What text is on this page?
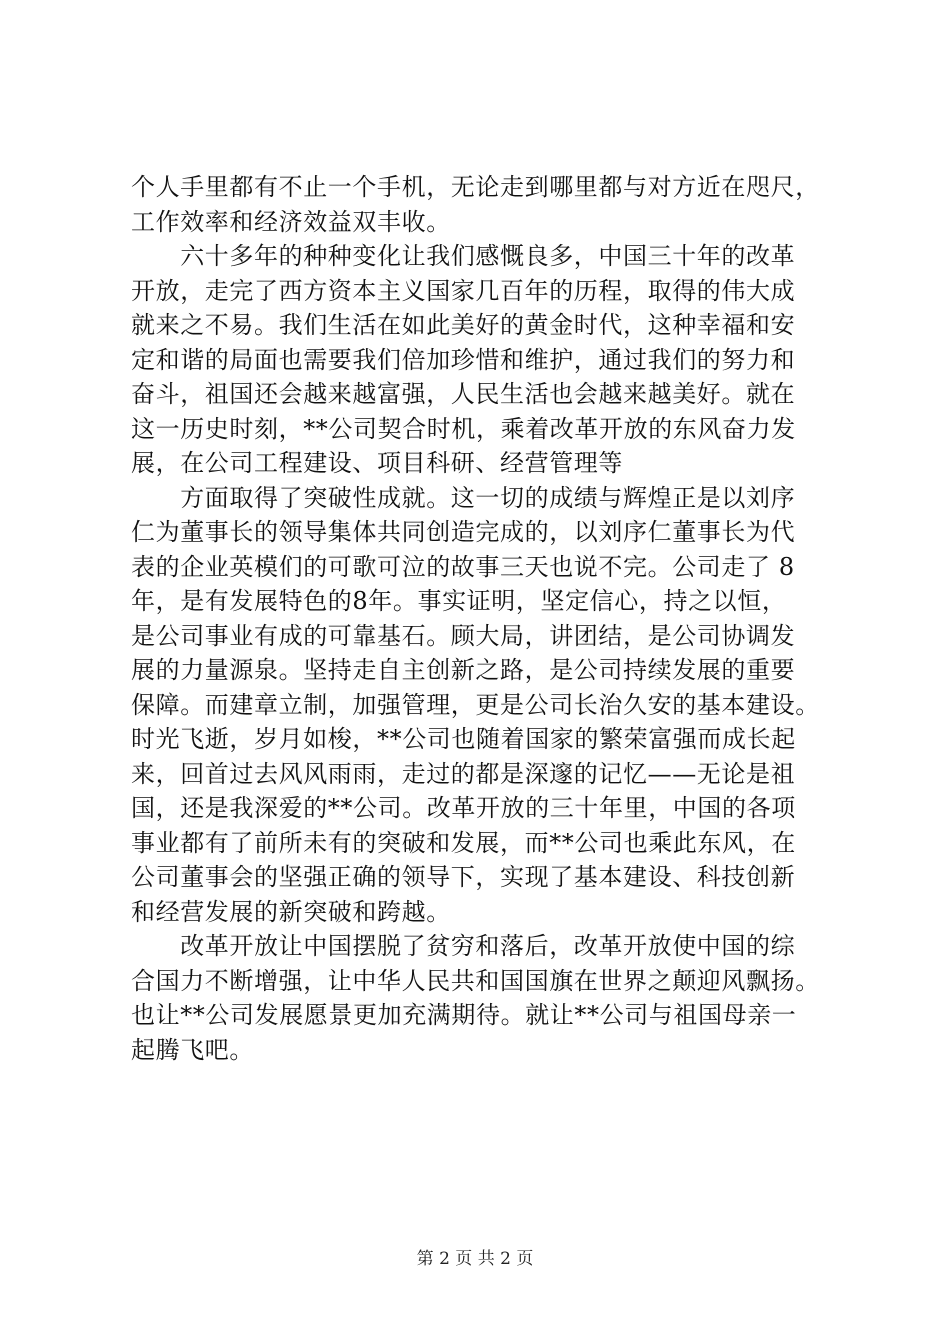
个人手里都有不止一个手机，无论走到哪里都与对方近在咫尺，
工作效率和经济效益双丰收。
　　六十多年的种种变化让我们感慨良多，中国三十年的改革
开放，走完了西方资本主义国家几百年的历程，取得的伟大成
就来之不易。我们生活在如此美好的黄金时代，这种幸福和安
定和谐的局面也需要我们倍加珍惜和维护，通过我们的努力和
奋斗，祖国还会越来越富强，人民生活也会越来越美好。就在
这一历史时刻，**公司契合时机，乘着改革开放的东风奋力发
展，在公司工程建设、项目科研、经营管理等
　　方面取得了突破性成就。这一切的成绩与辉煌正是以刘序
仁为董事长的领导集体共同创造完成的，以刘序仁董事长为代
表的企业英模们的可歌可泣的故事三天也说不完。公司走了 8
年，是有发展特色的8年。事实证明，坚定信心，持之以恒，
是公司事业有成的可靠基石。顾大局，讲团结，是公司协调发
展的力量源泉。坚持走自主创新之路，是公司持续发展的重要
保障。而建章立制，加强管理，更是公司长治久安的基本建设。
时光飞逝，岁月如梭，**公司也随着国家的繁荣富强而成长起
来，回首过去风风雨雨，走过的都是深邃的记忆——无论是祖
国，还是我深爱的**公司。改革开放的三十年里，中国的各项
事业都有了前所未有的突破和发展，而**公司也乘此东风，在
公司董事会的坚强正确的领导下，实现了基本建设、科技创新
和经营发展的新突破和跨越。
　　改革开放让中国摆脱了贫穷和落后，改革开放使中国的综
合国力不断增强，让中华人民共和国国旗在世界之颠迎风飘扬。
也让**公司发展愿景更加充满期待。就让**公司与祖国母亲一
起腾飞吧。
第 2 页 共 2 页
